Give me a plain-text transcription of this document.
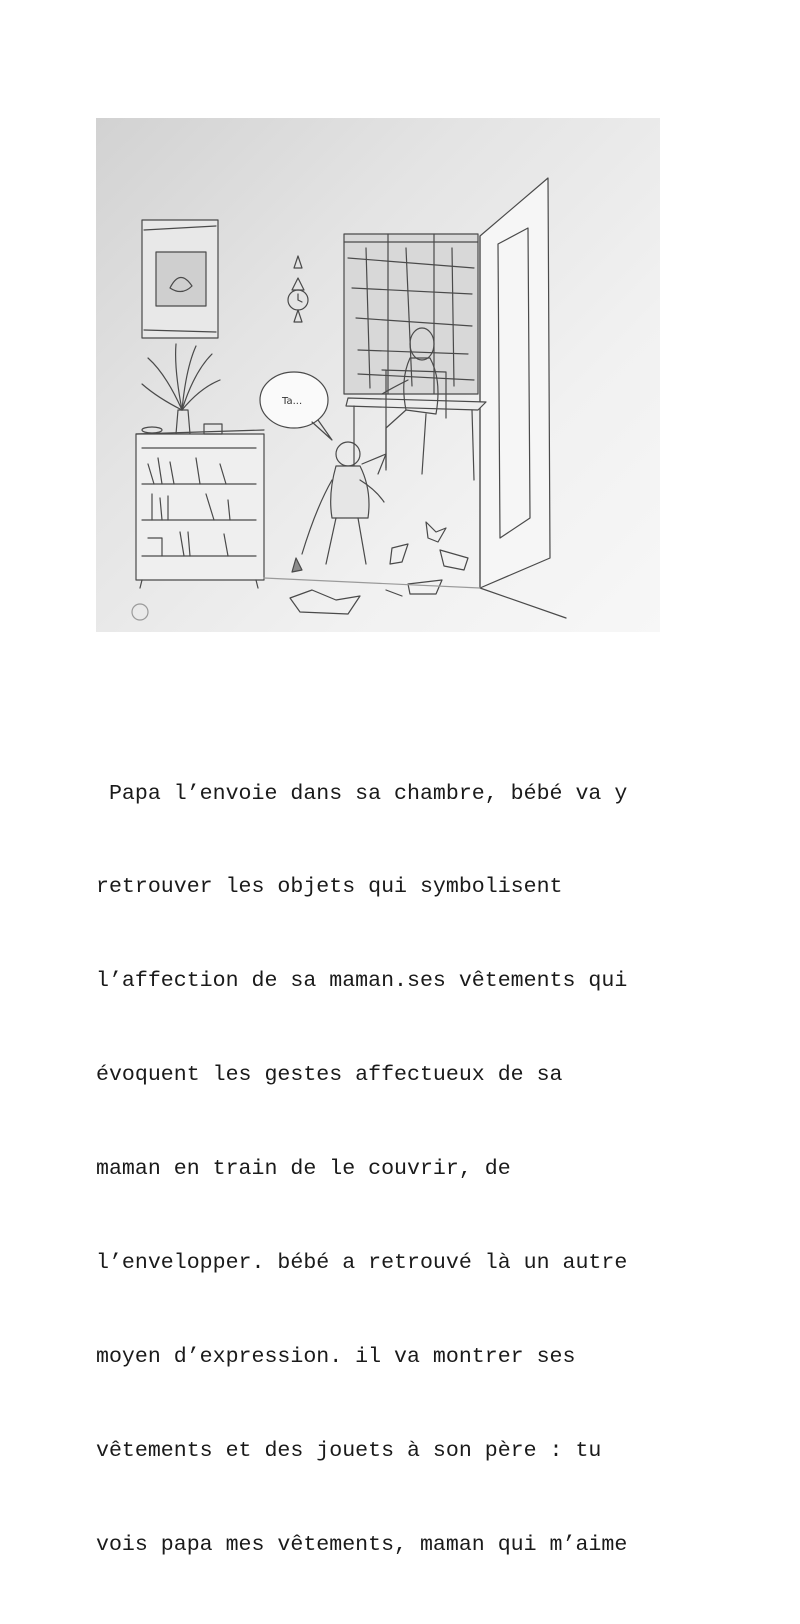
Ta...

Papa l’envoie dans sa chambre, bébé va y

retrouver les objets qui symbolisent

l’affection de sa maman.ses vêtements qui

évoquent les gestes affectueux de sa

maman en train de le couvrir, de

l’envelopper. bébé a retrouvé là un autre

moyen d’expression. il va montrer ses

vêtements et des jouets à son père : tu

vois papa mes vêtements, maman qui m’aime
